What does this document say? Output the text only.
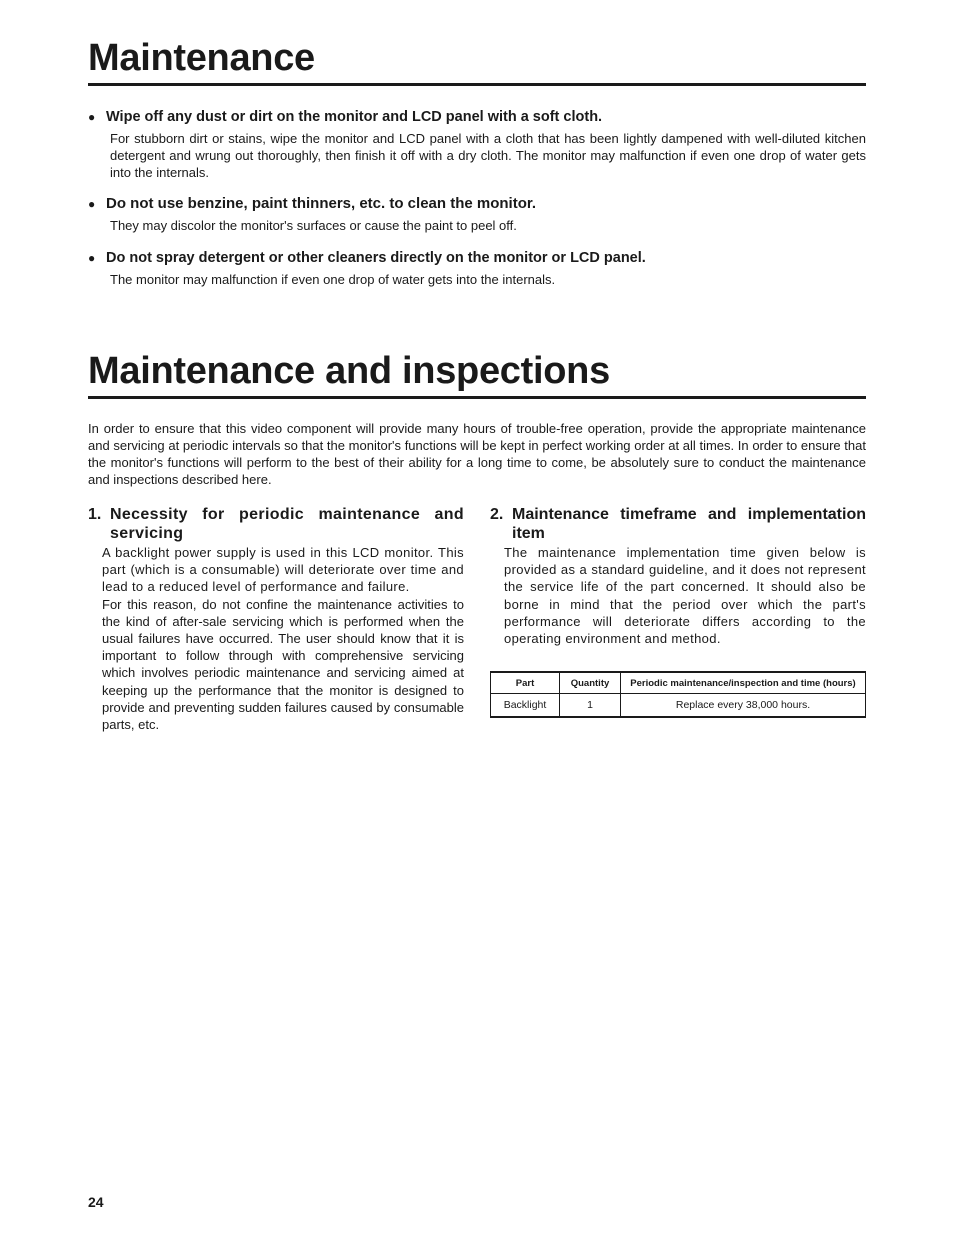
Maintenance
● Wipe off any dust or dirt on the monitor and LCD panel with a soft cloth.
For stubborn dirt or stains, wipe the monitor and LCD panel with a cloth that has been lightly dampened with well-diluted kitchen detergent and wrung out thoroughly, then finish it off with a dry cloth. The monitor may malfunction if even one drop of water gets into the internals.
● Do not use benzine, paint thinners, etc. to clean the monitor.
They may discolor the monitor's surfaces or cause the paint to peel off.
● Do not spray detergent or other cleaners directly on the monitor or LCD panel.
The monitor may malfunction if even one drop of water gets into the internals.
Maintenance and inspections

In order to ensure that this video component will provide many hours of trouble-free operation, provide the appropriate maintenance and servicing at periodic intervals so that the monitor's functions will be kept in perfect working order at all times. In order to ensure that the monitor's functions will perform to the best of their ability for a long time to come, be absolutely sure to conduct the maintenance and inspections described here.

1. Necessity for periodic maintenance and servicing

A backlight power supply is used in this LCD monitor. This part (which is a consumable) will deteriorate over time and lead to a reduced level of performance and failure.

For this reason, do not confine the maintenance activities to the kind of after-sale servicing which is performed when the usual failures have occurred. The user should know that it is important to follow through with comprehensive servicing which involves periodic maintenance and servicing aimed at keeping up the performance that the monitor is designed to provide and preventing sudden failures caused by consumable parts, etc.

2. Maintenance timeframe and implementation item

The maintenance implementation time given below is provided as a standard guideline, and it does not represent the service life of the part concerned. It should also be borne in mind that the period over which the part's performance will deteriorate differs according to the operating environment and method.

Part	Quantity	Periodic maintenance/inspection and time (hours)
Backlight	1	Replace every 38,000 hours.
24
